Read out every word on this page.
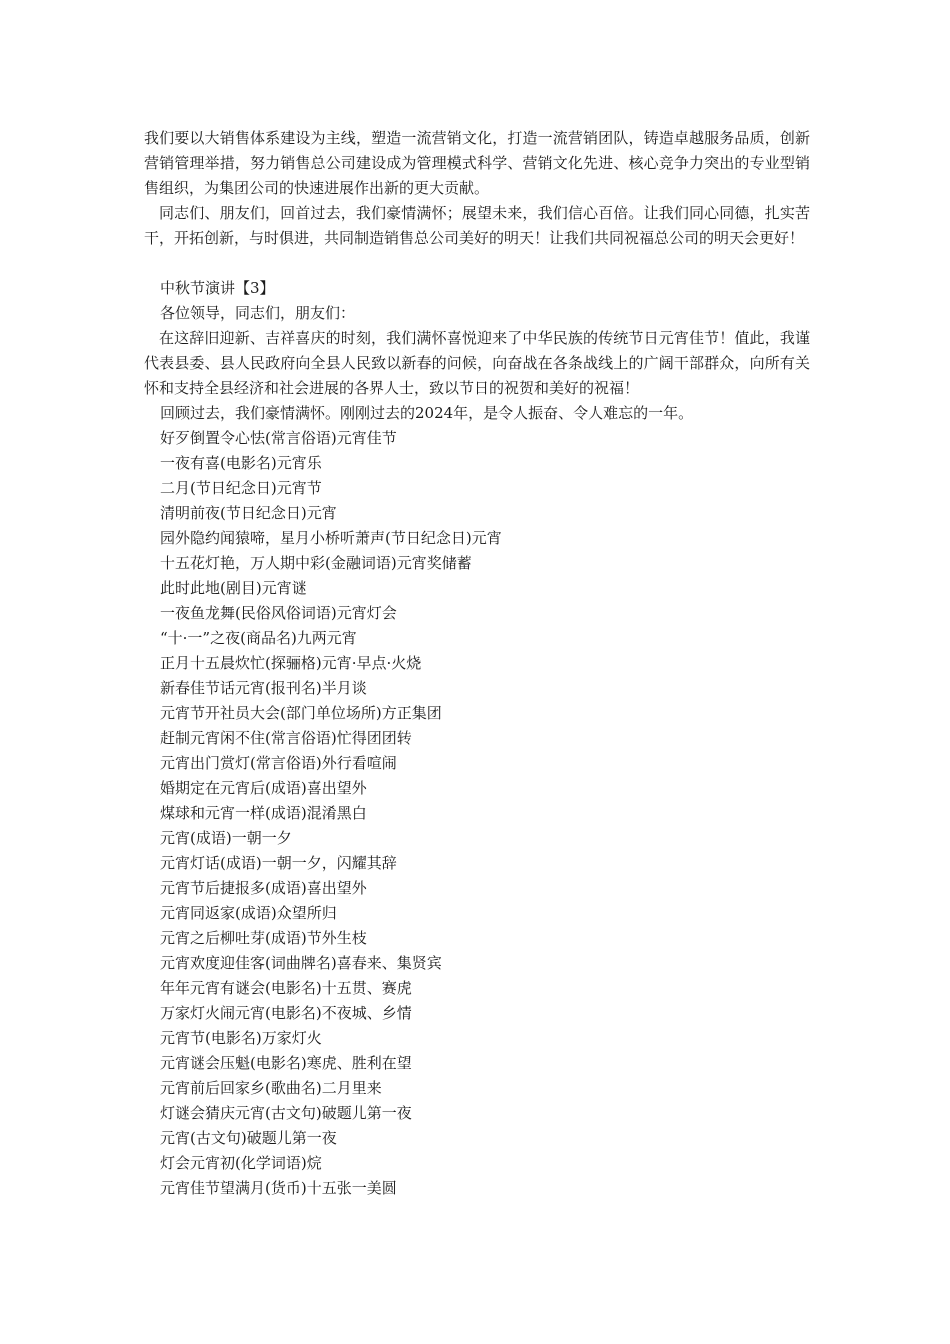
我们要以大销售体系建设为主线，塑造一流营销文化，打造一流营销团队，铸造卓越服务品质，创新营销管理举措，努力销售总公司建设成为管理模式科学、营销文化先进、核心竞争力突出的专业型销售组织，为集团公司的快速进展作出新的更大贡献。

同志们、朋友们，回首过去，我们豪情满怀；展望未来，我们信心百倍。让我们同心同德，扎实苦干，开拓创新，与时俱进，共同制造销售总公司美好的明天！让我们共同祝福总公司的明天会更好！

中秋节演讲【3】

各位领导，同志们，朋友们：

在这辞旧迎新、吉祥喜庆的时刻，我们满怀喜悦迎来了中华民族的传统节日元宵佳节！值此，我谨代表县委、县人民政府向全县人民致以新春的问候，向奋战在各条战线上的广阔干部群众，向所有关怀和支持全县经济和社会进展的各界人士，致以节日的祝贺和美好的祝福！

回顾过去，我们豪情满怀。刚刚过去的2024年，是令人振奋、令人难忘的一年。

好歹倒置令心怯(常言俗语)元宵佳节

一夜有喜(电影名)元宵乐

二月(节日纪念日)元宵节

清明前夜(节日纪念日)元宵

园外隐约闻猿啼，星月小桥听萧声(节日纪念日)元宵

十五花灯艳，万人期中彩(金融词语)元宵奖储蓄

此时此地(剧目)元宵谜

一夜鱼龙舞(民俗风俗词语)元宵灯会

“十·一”之夜(商品名)九两元宵

正月十五晨炊忙(探骊格)元宵·早点·火烧

新春佳节话元宵(报刊名)半月谈

元宵节开社员大会(部门单位场所)方正集团

赶制元宵闲不住(常言俗语)忙得团团转

元宵出门赏灯(常言俗语)外行看喧闹

婚期定在元宵后(成语)喜出望外

煤球和元宵一样(成语)混淆黑白

元宵(成语)一朝一夕

元宵灯话(成语)一朝一夕，闪耀其辞

元宵节后捷报多(成语)喜出望外

元宵同返家(成语)众望所归

元宵之后柳吐芽(成语)节外生枝

元宵欢度迎佳客(词曲牌名)喜春来、集贤宾

年年元宵有谜会(电影名)十五贯、赛虎

万家灯火闹元宵(电影名)不夜城、乡情

元宵节(电影名)万家灯火

元宵谜会压魁(电影名)寒虎、胜利在望

元宵前后回家乡(歌曲名)二月里来

灯谜会猜庆元宵(古文句)破题儿第一夜

元宵(古文句)破题儿第一夜

灯会元宵初(化学词语)烷

元宵佳节望满月(货币)十五张一美圆
